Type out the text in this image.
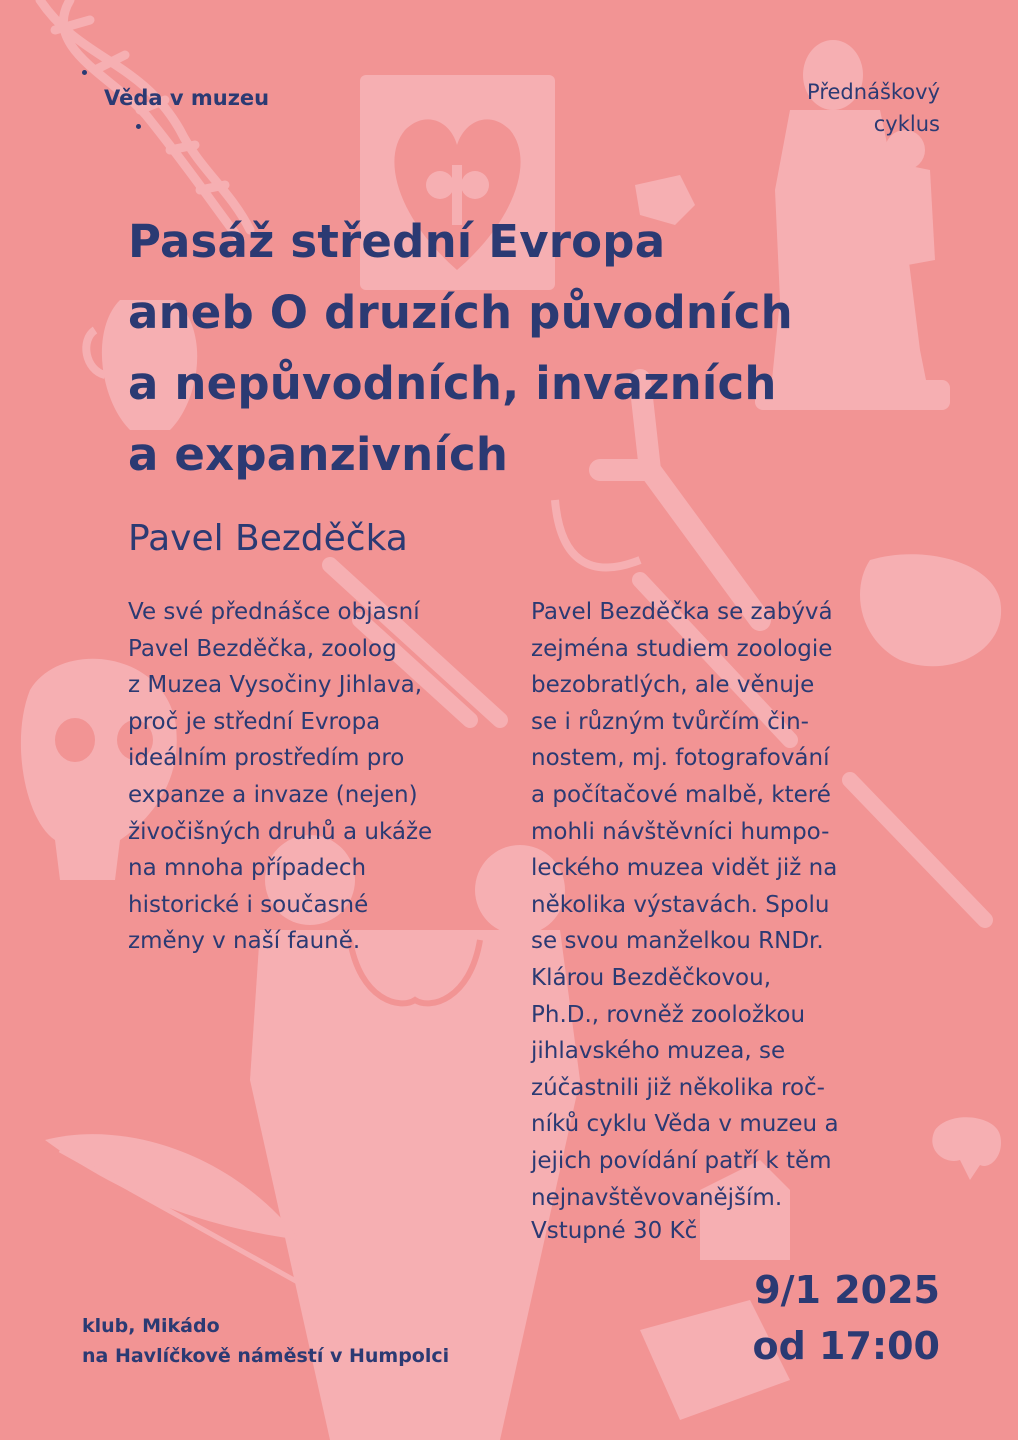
Věda v muzeu	Přednáškový
cyklus
Pasáž střední Evropa
aneb O druzích původních
a nepůvodních, invazních
a expanzivních
Pavel Bezděčka
Ve své přednášce objasní
Pavel Bezděčka, zoolog
z Muzea Vysočiny Jihlava,
proč je střední Evropa
ideálním prostředím pro
expanze a invaze (nejen)
živočišných druhů a ukáže
na mnoha případech
historické i současné
změny v naší fauně.
Pavel Bezděčka se zabývá
zejména studiem zoologie
bezobratlých, ale věnuje
se i různým tvůrčím čin-
nostem, mj. fotografování
a počítačové malbě, které
mohli návštěvníci humpo-
leckého muzea vidět již na
několika výstavách. Spolu
se svou manželkou RNDr.
Klárou Bezděčkovou,
Ph.D., rovněž zooložkou
jihlavského muzea, se
zúčastnili již několika roč-
níků cyklu Věda v muzeu a
jejich povídání patří k těm
nejnavštěvovanějším.
Vstupné 30 Kč
9/1 2025
od 17:00
klub, Mikádo
na Havlíčkově náměstí v Humpolci
